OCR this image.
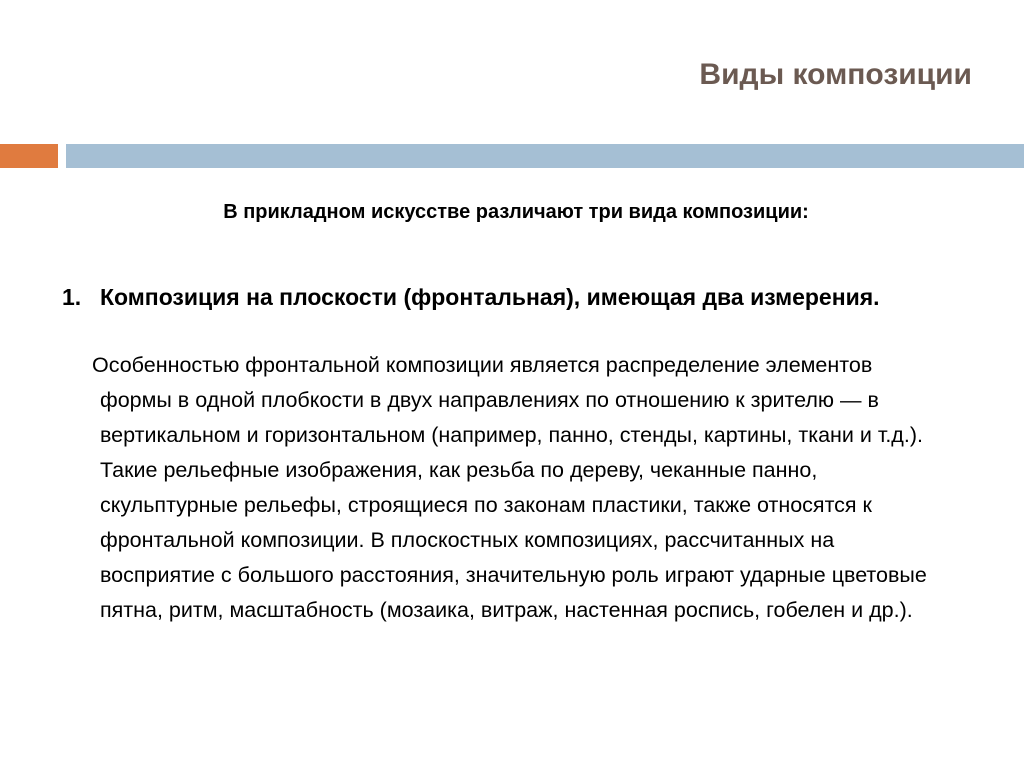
Виды композиции

В прикладном искусстве различают три вида композиции:

1. Композиция на плоскости (фронтальная), имеющая два измерения.

Особенностью фронтальной композиции является распределение элементов формы в одной плобкости в двух направлениях по отношению к зрителю — в вертикальном и горизонтальном (например, панно, стенды, картины, ткани и т.д.). Такие рельефные изображения, как резьба по дереву, чеканные панно, скульптурные рельефы, строящиеся по законам пластики, также относятся к фронтальной композиции. В плоскостных композициях, рассчитанных на восприятие с большого расстояния, значительную роль играют ударные цветовые пятна, ритм, масштабность (мозаика, витраж, настенная роспись, гобелен и др.).
